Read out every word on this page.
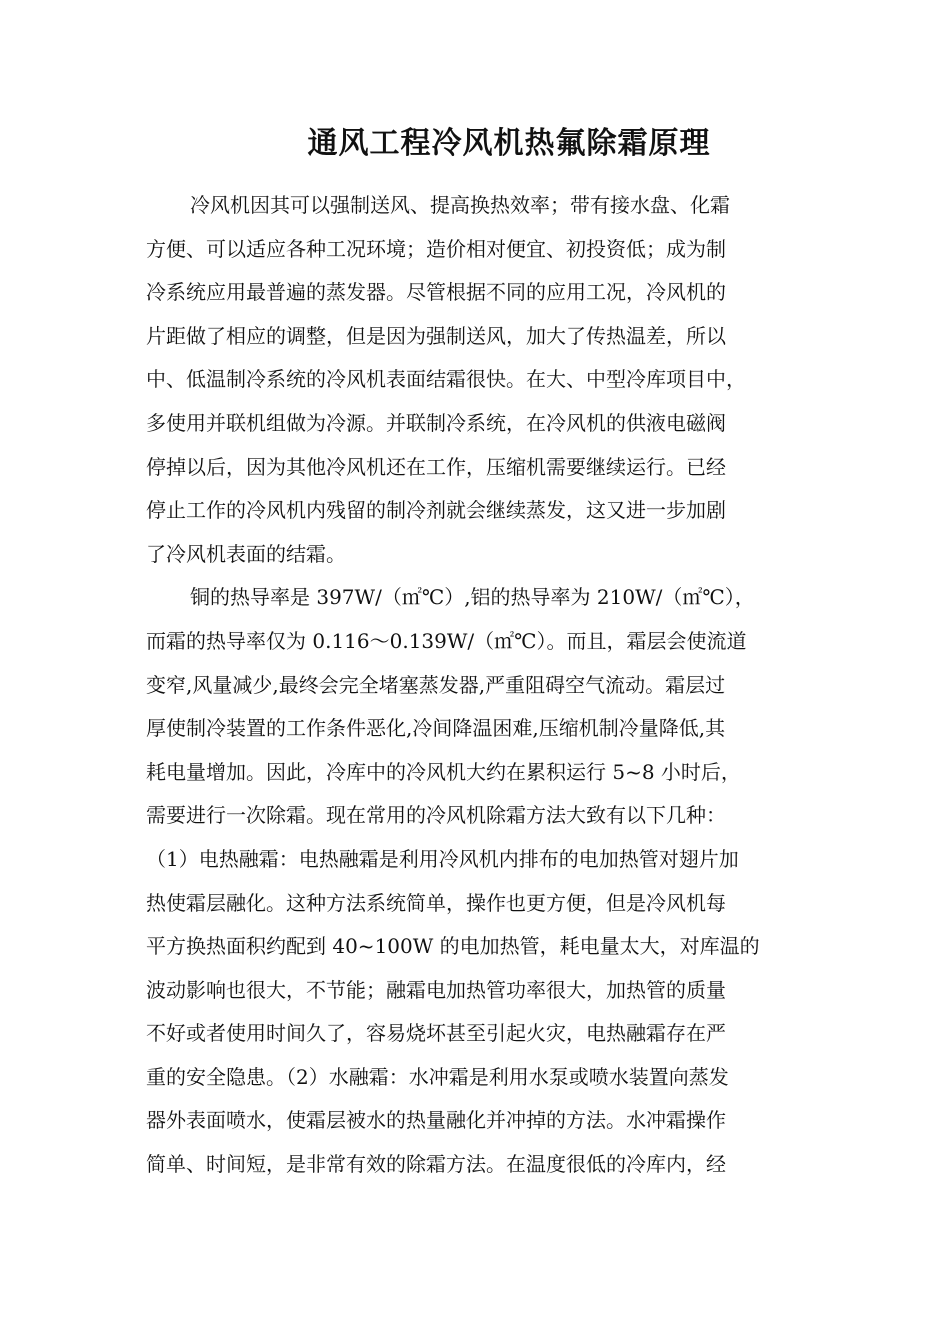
通风工程冷风机热氟除霜原理
冷风机因其可以强制送风、提高换热效率；带有接水盘、化霜
方便、可以适应各种工况环境；造价相对便宜、初投资低；成为制
冷系统应用最普遍的蒸发器。尽管根据不同的应用工况，冷风机的
片距做了相应的调整，但是因为强制送风，加大了传热温差，所以
中、低温制冷系统的冷风机表面结霜很快。在大、中型冷库项目中，
多使用并联机组做为冷源。并联制冷系统，在冷风机的供液电磁阀
停掉以后，因为其他冷风机还在工作，压缩机需要继续运行。已经
停止工作的冷风机内残留的制冷剂就会继续蒸发，这又进一步加剧
了冷风机表面的结霜。
铜的热导率是 397W/（㎡℃）,铝的热导率为 210W/（㎡℃），
而霜的热导率仅为 0.116～0.139W/（㎡℃）。而且，霜层会使流道
变窄,风量减少,最终会完全堵塞蒸发器,严重阻碍空气流动。霜层过
厚使制冷装置的工作条件恶化,冷间降温困难,压缩机制冷量降低,其
耗电量增加。因此，冷库中的冷风机大约在累积运行 5~8 小时后，
需要进行一次除霜。现在常用的冷风机除霜方法大致有以下几种：
（1）电热融霜：电热融霜是利用冷风机内排布的电加热管对翅片加
热使霜层融化。这种方法系统简单，操作也更方便，但是冷风机每
平方换热面积约配到 40~100W 的电加热管，耗电量太大，对库温的
波动影响也很大，不节能；融霜电加热管功率很大，加热管的质量
不好或者使用时间久了，容易烧坏甚至引起火灾，电热融霜存在严
重的安全隐患。（2）水融霜：水冲霜是利用水泵或喷水装置向蒸发
器外表面喷水，使霜层被水的热量融化并冲掉的方法。水冲霜操作
简单、时间短，是非常有效的除霜方法。在温度很低的冷库内，经
